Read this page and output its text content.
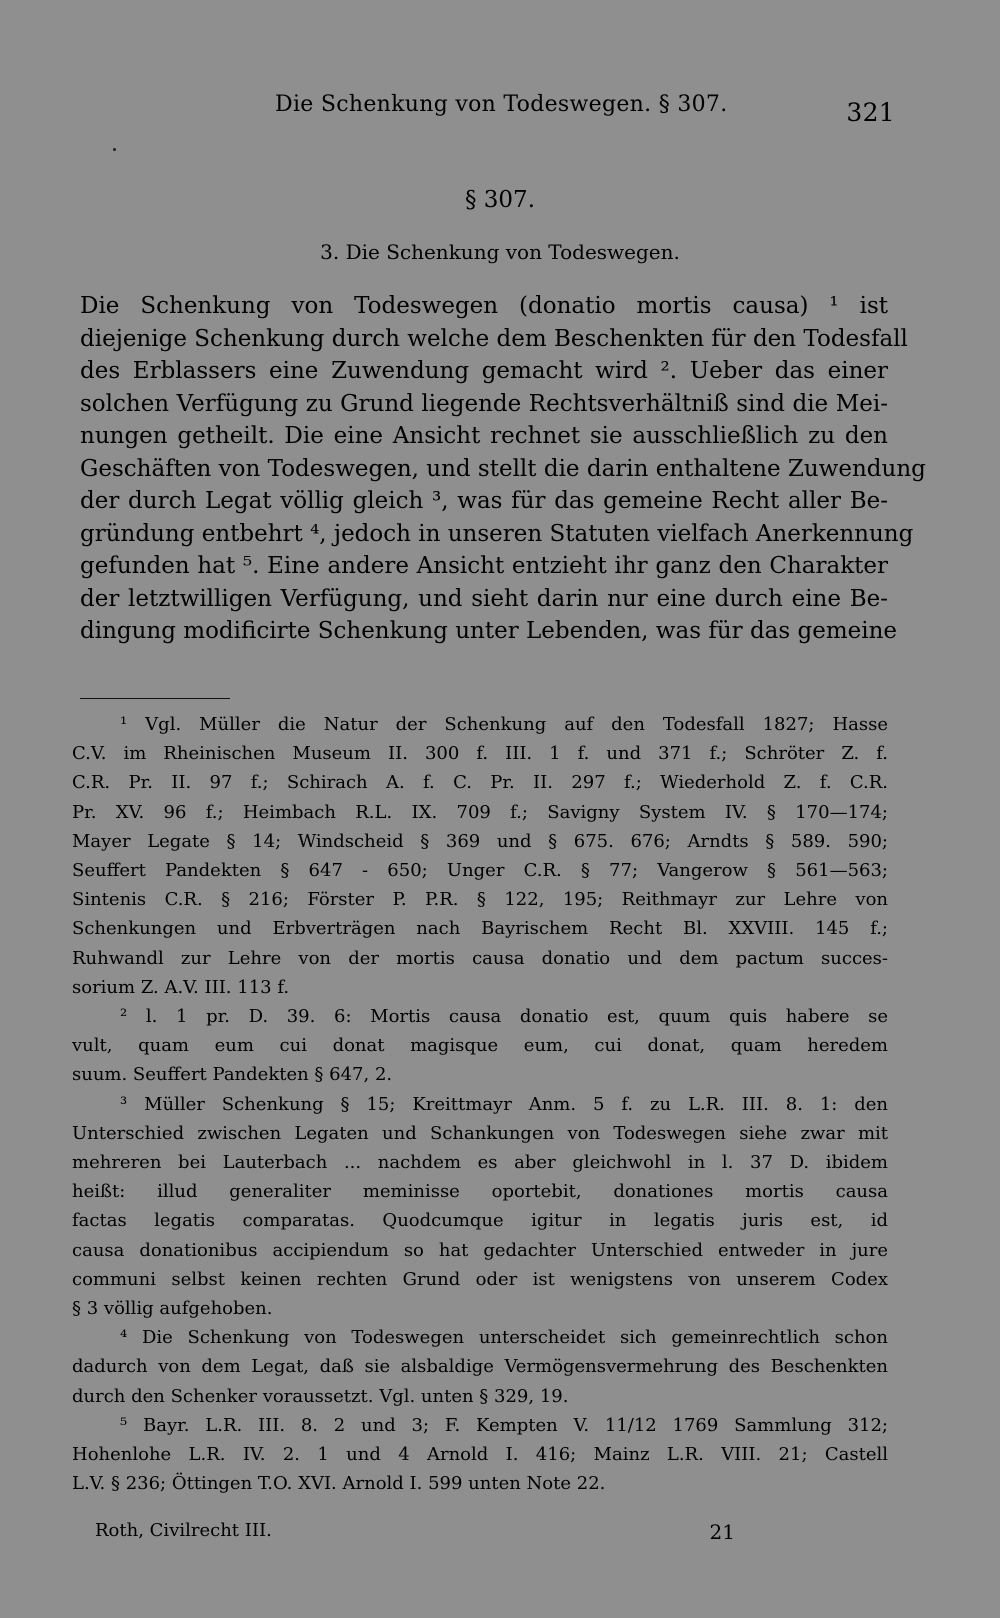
Die Schenkung von Todeswegen. § 307.	321
§ 307.
3. Die Schenkung von Todeswegen.
Die Schenkung von Todeswegen (donatio mortis causa) ¹ ist
diejenige Schenkung durch welche dem Beschenkten für den Todesfall
des Erblassers eine Zuwendung gemacht wird ². Ueber das einer
solchen Verfügung zu Grund liegende Rechtsverhältniß sind die Mei-
nungen getheilt. Die eine Ansicht rechnet sie ausschließlich zu den
Geschäften von Todeswegen, und stellt die darin enthaltene Zuwendung
der durch Legat völlig gleich ³, was für das gemeine Recht aller Be-
gründung entbehrt ⁴, jedoch in unseren Statuten vielfach Anerkennung
gefunden hat ⁵. Eine andere Ansicht entzieht ihr ganz den Charakter
der letztwilligen Verfügung, und sieht darin nur eine durch eine Be-
dingung modificirte Schenkung unter Lebenden, was für das gemeine
¹ Vgl. Müller die Natur der Schenkung auf den Todesfall 1827; Hasse
C.V. im Rheinischen Museum II. 300 f. III. 1 f. und 371 f.; Schröter Z. f.
C.R. Pr. II. 97 f.; Schirach A. f. C. Pr. II. 297 f.; Wiederhold Z. f. C.R.
Pr. XV. 96 f.; Heimbach R.L. IX. 709 f.; Savigny System IV. § 170—174;
Mayer Legate § 14; Windscheid § 369 und § 675. 676; Arndts § 589. 590;
Seuffert Pandekten § 647 - 650; Unger C.R. § 77; Vangerow § 561—563;
Sintenis C.R. § 216; Förster P. P.R. § 122, 195; Reithmayr zur Lehre von
Schenkungen und Erbverträgen nach Bayrischem Recht Bl. XXVIII. 145 f.;
Ruhwandl zur Lehre von der mortis causa donatio und dem pactum succes-
sorium Z. A.V. III. 113 f.
² l. 1 pr. D. 39. 6: Mortis causa donatio est, quum quis habere se
vult, quam eum cui donat magisque eum, cui donat, quam heredem
suum. Seuffert Pandekten § 647, 2.
³ Müller Schenkung § 15; Kreittmayr Anm. 5 f. zu L.R. III. 8. 1: den
Unterschied zwischen Legaten und Schankungen von Todeswegen siehe zwar mit
mehreren bei Lauterbach ... nachdem es aber gleichwohl in l. 37 D. ibidem
heißt: illud generaliter meminisse oportebit, donationes mortis causa
factas legatis comparatas. Quodcumque igitur in legatis juris est, id
causa donationibus accipiendum so hat gedachter Unterschied entweder in jure
communi selbst keinen rechten Grund oder ist wenigstens von unserem Codex
§ 3 völlig aufgehoben.
⁴ Die Schenkung von Todeswegen unterscheidet sich gemeinrechtlich schon
dadurch von dem Legat, daß sie alsbaldige Vermögensvermehrung des Beschenkten
durch den Schenker voraussetzt. Vgl. unten § 329, 19.
⁵ Bayr. L.R. III. 8. 2 und 3; F. Kempten V. 11/12 1769 Sammlung 312;
Hohenlohe L.R. IV. 2. 1 und 4 Arnold I. 416; Mainz L.R. VIII. 21; Castell
L.V. § 236; Öttingen T.O. XVI. Arnold I. 599 unten Note 22.
Roth, Civilrecht III.	21
